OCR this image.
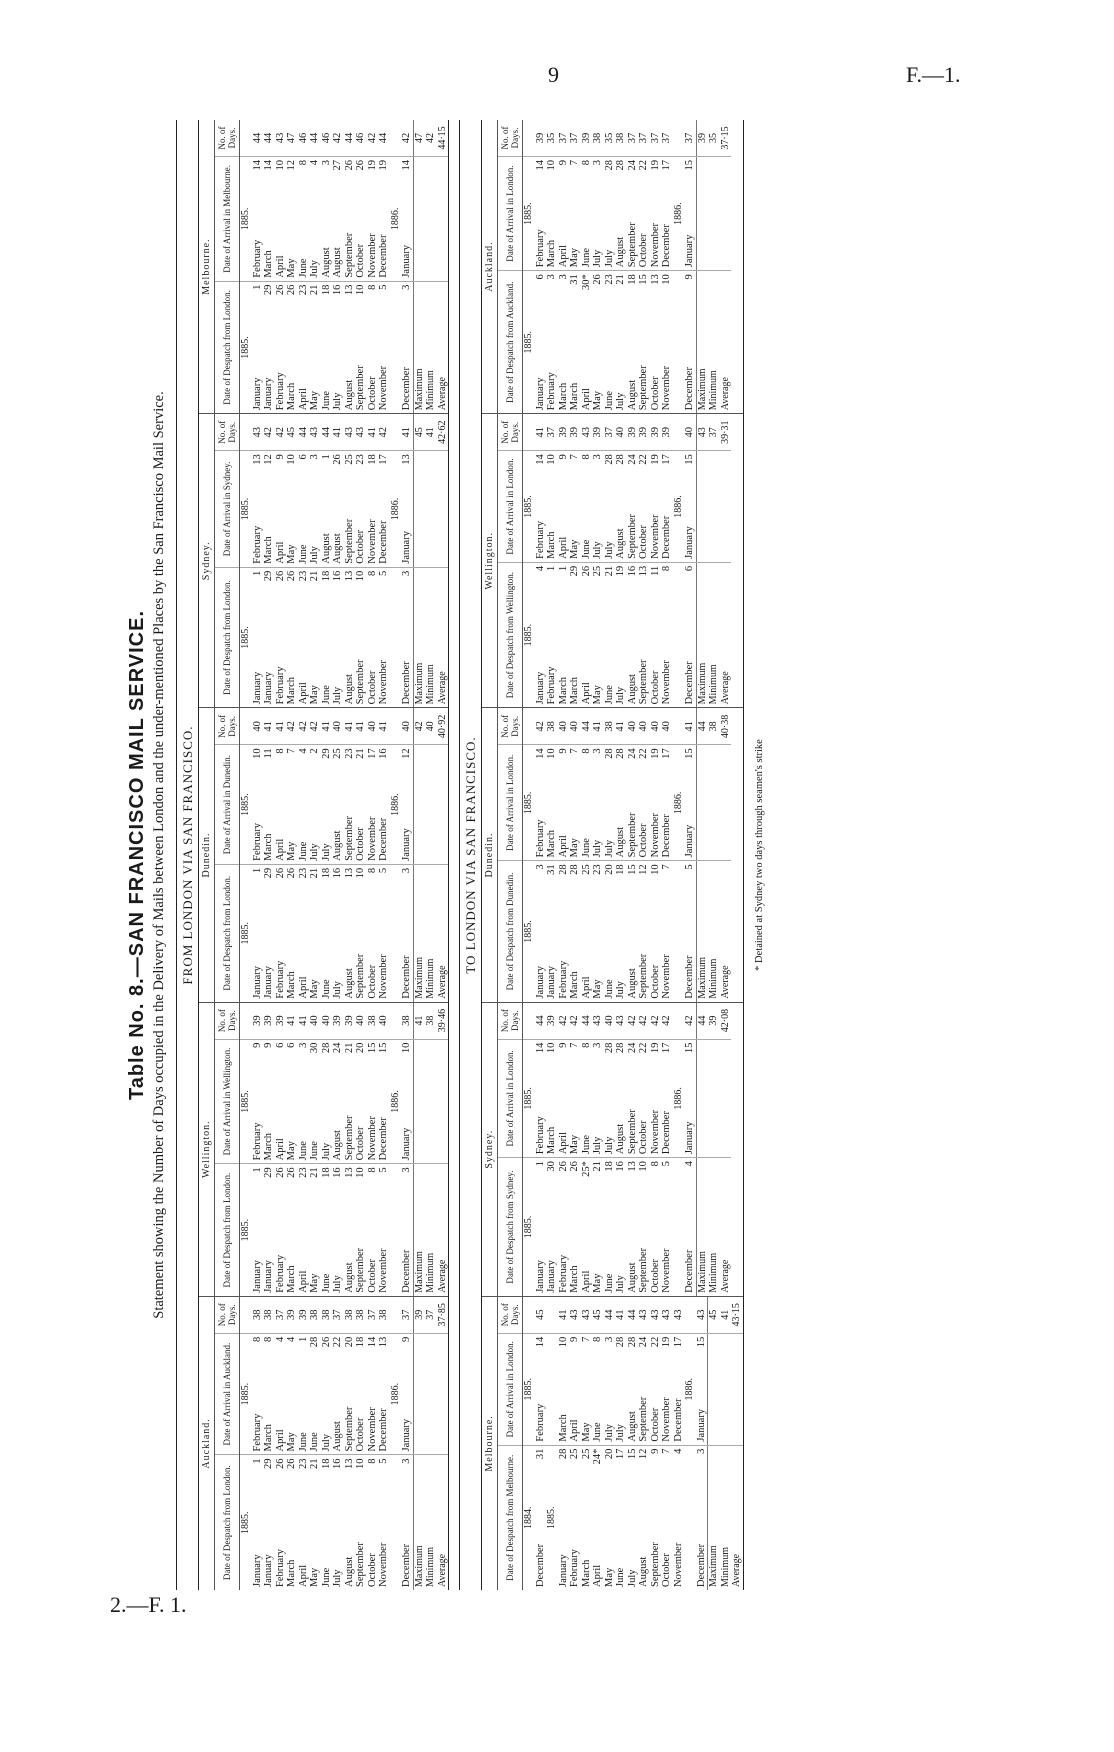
9	F.—1.
2.—F. 1.
Table No. 8.—SAN FRANCISCO MAIL SERVICE. Statement showing the Number of Days occupied in the Delivery of Mails between London and the under-mentioned Places by the San Francisco Mail Service. FROM LONDON VIA SAN FRANCISCO.
Auckland.
Date of Despatch from London.		Date of Arrival in Auckland.		No. of Days.
1885.		1885.		
January	1	February	8	38
January	29	March	8	38
February	26	April	4	37
March	26	May	4	39
April	23	June	1	39
May	21	June	28	38
June	18	July	26	38
July	16	August	22	37
August	13	September	20	38
September	10	October	18	38
October	8	November	14	37
November	5	December	13	38
		1886.		
December	3	January	9	37
Maximum				39
Minimum				37
Average				37·85
Wellington.
Date of Despatch from London.		Date of Arrival in Wellington.		No. of Days.
1885.		1885.		
January	1	February	9	39
January	29	March	9	39
February	26	April	6	39
March	26	May	6	41
April	23	June	3	41
May	21	June	30	40
June	18	July	28	40
July	16	August	24	39
August	13	September	21	39
September	10	October	20	40
October	8	November	15	38
November	5	December	15	40
		1886.		
December	3	January	10	38
Maximum				41
Minimum				38
Average				39·46
Dunedin.
Date of Despatch from London.		Date of Arrival in Dunedin.		No. of Days.
1885.		1885.		
January	1	February	10	40
January	29	March	11	41
February	26	April	8	41
March	26	May	7	42
April	23	June	4	42
May	21	July	2	42
June	18	July	29	41
July	16	August	25	40
August	13	September	23	41
September	10	October	21	41
October	8	November	17	40
November	5	December	16	41
		1886.		
December	3	January	12	40
Maximum				42
Minimum				40
Average				40·92
Sydney.
Date of Despatch from London.		Date of Arrival in Sydney.		No. of Days.
1885.		1885.		
January	1	February	13	43
January	29	March	12	42
February	26	April	9	42
March	26	May	10	45
April	23	June	6	44
May	21	July	3	43
June	18	August	1	44
July	16	August	26	41
August	13	September	25	43
September	10	October	23	43
October	8	November	18	41
November	5	December	17	42
		1886.		
December	3	January	13	41
Maximum				45
Minimum				41
Average				42·62
Melbourne.
Date of Despatch from London.		Date of Arrival in Melbourne.		No. of Days.
1885.		1885.		
January	1	February	14	44
January	29	March	14	44
February	26	April	10	43
March	26	May	12	47
April	23	June	8	46
May	21	July	4	44
June	18	August	3	46
July	16	August	27	42
August	13	September	26	44
September	10	October	26	46
October	8	November	19	42
November	5	December	19	44
		1886.		
December	3	January	14	42
Maximum				47
Minimum				42
Average				44·15
TO LONDON VIA SAN FRANCISCO.
Melbourne.
Date of Despatch from Melbourne.		Date of Arrival in London.		No. of Days.
1884.		1885.		
December	31	February	14	45
1885.				
January	28	March	10	41
February	25	April	9	43
March	25	May	7	43
April	24*	June	8	45
May	20	July	3	44
June	17	July	28	41
July	15	August	28	44
August	12	September	24	43
September	9	October	22	43
October	7	November	19	43
November	4	December	17	43
		1886.		
December	3	January	15	43
Maximum				45
Minimum				41
Average				43·15
Sydney.
Date of Despatch from Sydney.		Date of Arrival in London.		No. of Days.
1885.		1885.		
January	1	February	14	44
January	30	March	10	39
February	26	April	9	42
March	26	May	7	42
April	25*	June	8	44
May	21	July	3	43
June	18	July	28	40
July	16	August	28	43
August	13	September	24	42
September	10	October	22	42
October	8	November	19	42
November	5	December	17	42
		1886.		
December	4	January	15	42
Maximum				44
Minimum				39
Average				42·08
Dunedin.
Date of Despatch from Dunedin.		Date of Arrival in London.		No. of Days.
1885.		1885.		
January	3	February	14	42
January	31	March	10	38
February	28	April	9	40
March	28	May	7	40
April	25	June	8	44
May	23	July	3	41
June	20	July	28	38
July	18	August	28	41
August	15	September	24	40
September	12	October	22	40
October	10	November	19	40
November	7	December	17	40
		1886.		
December	5	January	15	41
Maximum				44
Minimum				38
Average				40·38
Wellington.
Date of Despatch from Wellington.		Date of Arrival in London.		No. of Days.
1885.		1885.		
January	4	February	14	41
February	1	March	10	37
March	1	April	9	39
March	29	May	7	39
April	26	June	8	43
May	25	July	3	39
June	21	July	28	37
July	19	August	28	40
August	16	September	24	39
September	13	October	22	39
October	11	November	19	39
November	8	December	17	39
		1886.		
December	6	January	15	40
Maximum				43
Minimum				37
Average				39·31
Auckland.
Date of Despatch from Auckland.		Date of Arrival in London.		No. of Days.
1885.		1885.		
January	6	February	14	39
February	3	March	10	35
March	3	April	9	37
March	31	May	7	37
April	30*	June	8	39
May	26	July	3	38
June	23	July	28	35
July	21	August	28	38
August	18	September	24	37
September	15	October	22	37
October	13	November	19	37
November	10	December	17	37
		1886.		
December	9	January	15	37
Maximum				39
Minimum				35
Average				37·15
* Detained at Sydney two days through seamen's strike
